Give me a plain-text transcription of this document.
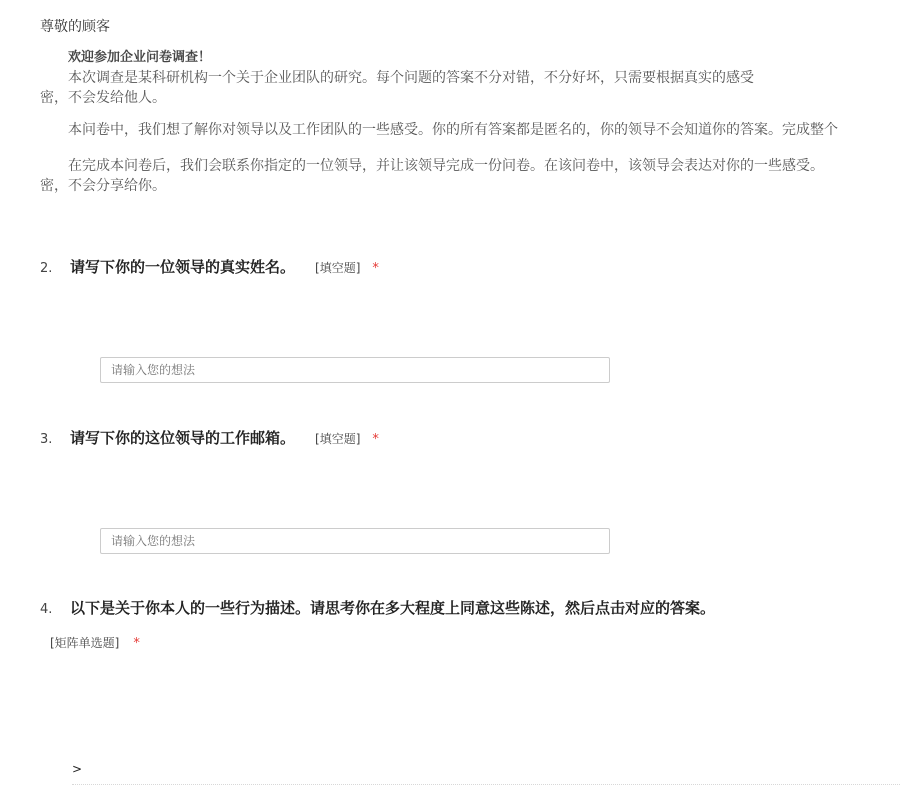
尊敬的顾客

欢迎参加企业问卷调查！

本次调查是某科研机构一个关于企业团队的研究。每个问题的答案不分对错，不分好坏，只需要根据真实的感受

密，不会发给他人。

本问卷中，我们想了解你对领导以及工作团队的一些感受。你的所有答案都是匿名的，你的领导不会知道你的答案。完成整个

在完成本问卷后，我们会联系你指定的一位领导，并让该领导完成一份问卷。在该问卷中，该领导会表达对你的一些感受。

密，不会分享给你。

2. 请写下你的一位领导的真实姓名。 [填空题] *
请输入您的想法
3. 请写下你的这位领导的工作邮箱。 [填空题] *
请输入您的想法
4. 以下是关于你本人的一些行为描述。请思考你在多大程度上同意这些陈述，然后点击对应的答案。
[矩阵单选题] *
>
